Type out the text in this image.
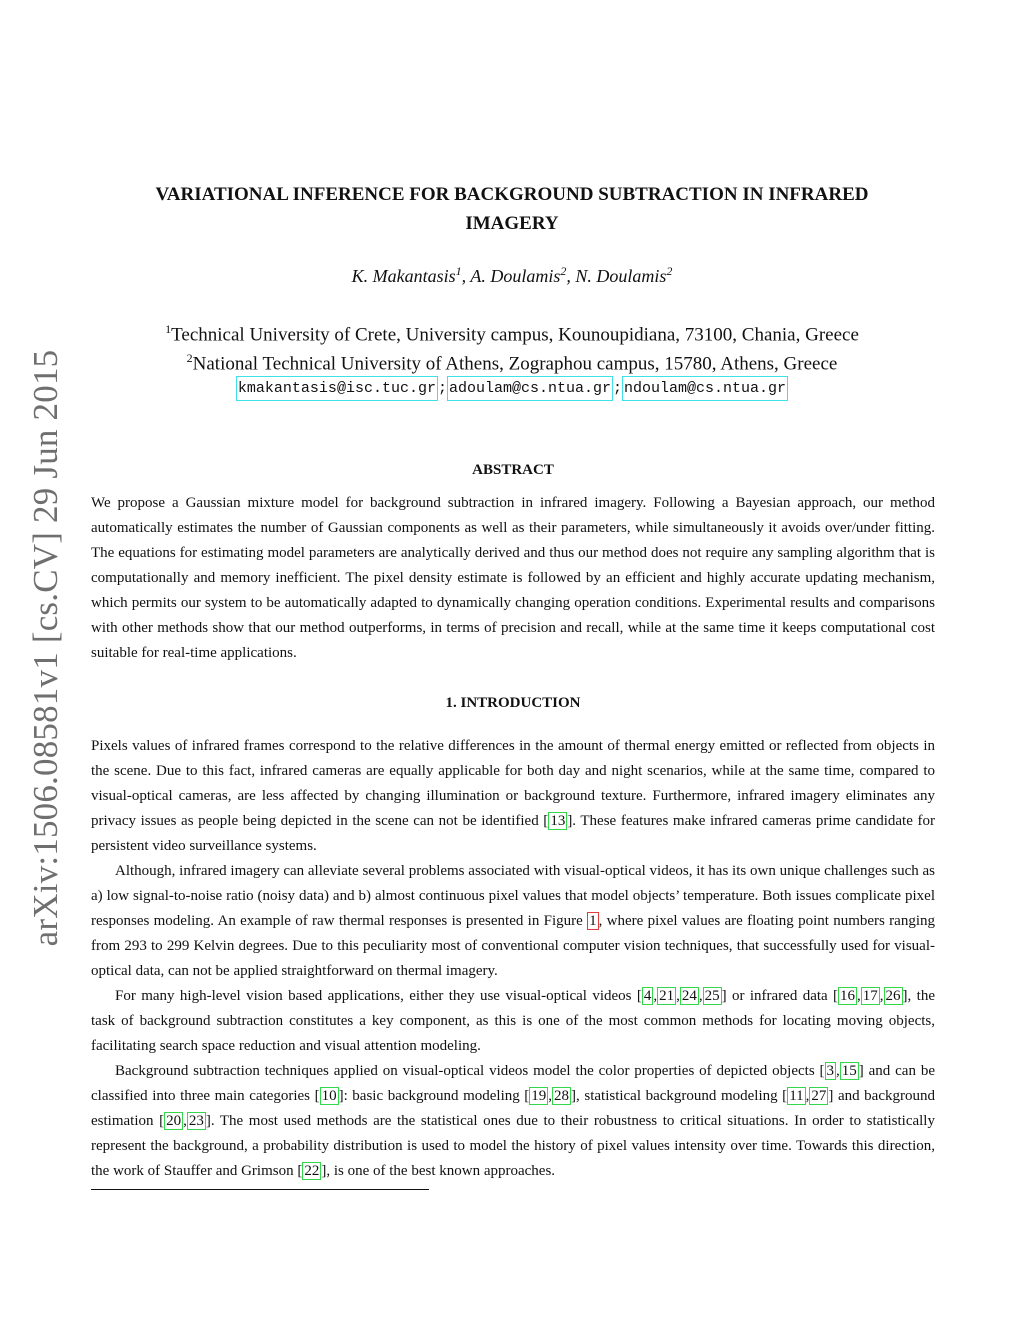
arXiv:1506.08581v1 [cs.CV] 29 Jun 2015
VARIATIONAL INFERENCE FOR BACKGROUND SUBTRACTION IN INFRARED IMAGERY
K. Makantasis$^1$, A. Doulamis$^2$, N. Doulamis$^2$
$^1$Technical University of Crete, University campus, Kounoupidiana, 73100, Chania, Greece
$^2$National Technical University of Athens, Zographou campus, 15780, Athens, Greece
kmakantasis@isc.tuc.gr ; adoulam@cs.ntua.gr ; ndoulam@cs.ntua.gr
ABSTRACT

We propose a Gaussian mixture model for background subtraction in infrared imagery. Following a Bayesian approach, our method automatically estimates the number of Gaussian components as well as their parameters, while simultaneously it avoids over/under fitting. The equations for estimating model parameters are analytically derived and thus our method does not require any sampling algorithm that is computationally and memory inefficient. The pixel density estimate is followed by an efficient and highly accurate updating mechanism, which permits our system to be automatically adapted to dynamically changing operation conditions. Experimental results and comparisons with other methods show that our method outperforms, in terms of precision and recall, while at the same time it keeps computational cost suitable for real-time applications.

1. INTRODUCTION

Pixels values of infrared frames correspond to the relative differences in the amount of thermal energy emitted or reflected from objects in the scene. Due to this fact, infrared cameras are equally applicable for both day and night scenarios, while at the same time, compared to visual-optical cameras, are less affected by changing illumination or background texture. Furthermore, infrared imagery eliminates any privacy issues as people being depicted in the scene can not be identified [ 13 ]. These features make infrared cameras prime candidate for persistent video surveillance systems.

Although, infrared imagery can alleviate several problems associated with visual-optical videos, it has its own unique challenges such as a) low signal-to-noise ratio (noisy data) and b) almost continuous pixel values that model objects’ temperature. Both issues complicate pixel responses modeling. An example of raw thermal responses is presented in Figure 1 , where pixel values are floating point numbers ranging from 293 to 299 Kelvin degrees. Due to this peculiarity most of conventional computer vision techniques, that successfully used for visual-optical data, can not be applied straightforward on thermal imagery.

For many high-level vision based applications, either they use visual-optical videos [ 4 , 21 , 24 , 25 ] or infrared data [ 16 , 17 , 26 ], the task of background subtraction constitutes a key component, as this is one of the most common methods for locating moving objects, facilitating search space reduction and visual attention modeling.

Background subtraction techniques applied on visual-optical videos model the color properties of depicted objects [ 3 , 15 ] and can be classified into three main categories [ 10 ]: basic background modeling [ 19 , 28 ], statistical background modeling [ 11 , 27 ] and background estimation [ 20 , 23 ]. The most used methods are the statistical ones due to their robustness to critical situations. In order to statistically represent the background, a probability distribution is used to model the history of pixel values intensity over time. Towards this direction, the work of Stauffer and Grimson [ 22 ], is one of the best known approaches.
